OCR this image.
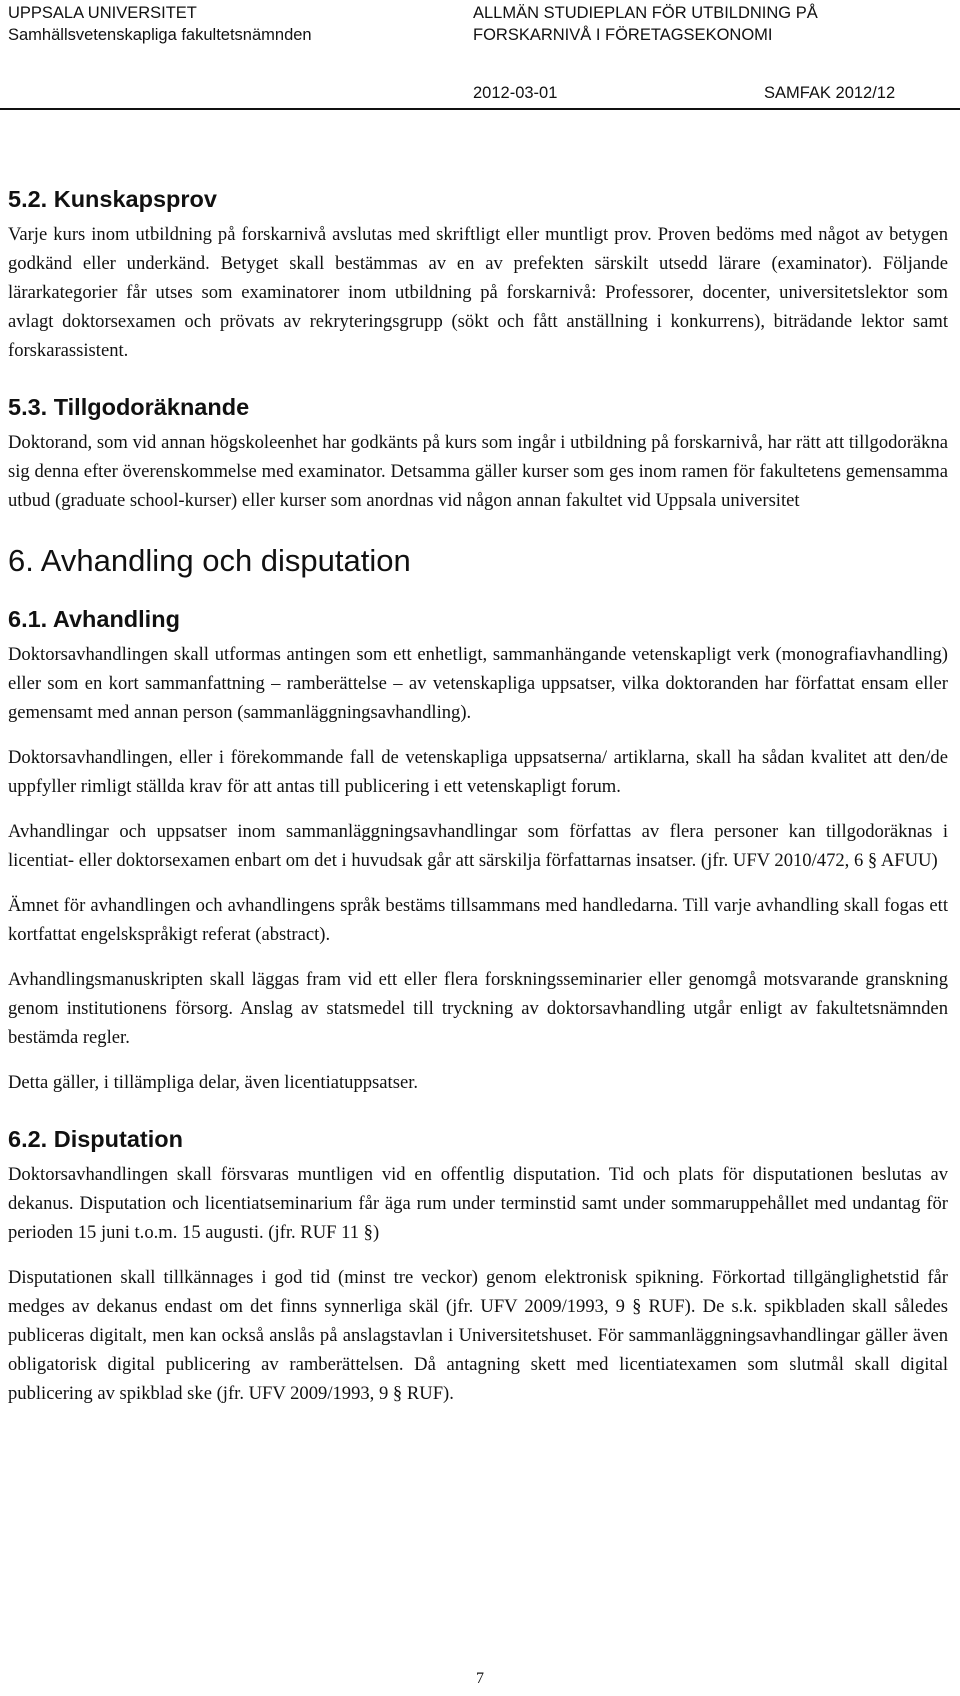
UPPSALA UNIVERSITET
Samhällsvetenskapliga fakultetsnämnden
ALLMÄN STUDIEPLAN FÖR UTBILDNING PÅ
FORSKARNIVÅ I FÖRETAGSEKONOMI
2012-03-01	SAMFAK 2012/12
5.2. Kunskapsprov

Varje kurs inom utbildning på forskarnivå avslutas med skriftligt eller muntligt prov. Proven bedöms med något av betygen godkänd eller underkänd. Betyget skall bestämmas av en av prefekten särskilt utsedd lärare (examinator). Följande lärarkategorier får utses som examinatorer inom utbildning på forskarnivå: Professorer, docenter, universitetslektor som avlagt doktorsexamen och prövats av rekryteringsgrupp (sökt och fått anställning i konkurrens), biträdande lektor samt forskarassistent.

5.3. Tillgodoräknande

Doktorand, som vid annan högskoleenhet har godkänts på kurs som ingår i utbildning på forskarnivå, har rätt att tillgodoräkna sig denna efter överenskommelse med examinator. Detsamma gäller kurser som ges inom ramen för fakultetens gemensamma utbud (graduate school-kurser) eller kurser som anordnas vid någon annan fakultet vid Uppsala universitet

6. Avhandling och disputation
6.1. Avhandling

Doktorsavhandlingen skall utformas antingen som ett enhetligt, sammanhängande vetenskapligt verk (monografiavhandling) eller som en kort sammanfattning – ramberättelse – av vetenskapliga uppsatser, vilka doktoranden har författat ensam eller gemensamt med annan person (sammanläggningsavhandling).

Doktorsavhandlingen, eller i förekommande fall de vetenskapliga uppsatserna/ artiklarna, skall ha sådan kvalitet att den/de uppfyller rimligt ställda krav för att antas till publicering i ett vetenskapligt forum.

Avhandlingar och uppsatser inom sammanläggningsavhandlingar som författas av flera personer kan tillgodoräknas i licentiat- eller doktorsexamen enbart om det i huvudsak går att särskilja författarnas insatser. (jfr. UFV 2010/472, 6 § AFUU)

Ämnet för avhandlingen och avhandlingens språk bestäms tillsammans med handledarna. Till varje avhandling skall fogas ett kortfattat engelskspråkigt referat (abstract).

Avhandlingsmanuskripten skall läggas fram vid ett eller flera forskningsseminarier eller genomgå motsvarande granskning genom institutionens försorg. Anslag av statsmedel till tryckning av doktorsavhandling utgår enligt av fakultetsnämnden bestämda regler.

Detta gäller, i tillämpliga delar, även licentiatuppsatser.

6.2. Disputation

Doktorsavhandlingen skall försvaras muntligen vid en offentlig disputation. Tid och plats för disputationen beslutas av dekanus. Disputation och licentiatseminarium får äga rum under terminstid samt under sommaruppehållet med undantag för perioden 15 juni t.o.m. 15 augusti. (jfr. RUF 11 §)

Disputationen skall tillkännages i god tid (minst tre veckor) genom elektronisk spikning. Förkortad tillgänglighetstid får medges av dekanus endast om det finns synnerliga skäl (jfr. UFV 2009/1993, 9 § RUF). De s.k. spikbladen skall således publiceras digitalt, men kan också anslås på anslagstavlan i Universitetshuset. För sammanläggningsavhandlingar gäller även obligatorisk digital publicering av ramberättelsen. Då antagning skett med licentiatexamen som slutmål skall digital publicering av spikblad ske (jfr. UFV 2009/1993, 9 § RUF).

7
